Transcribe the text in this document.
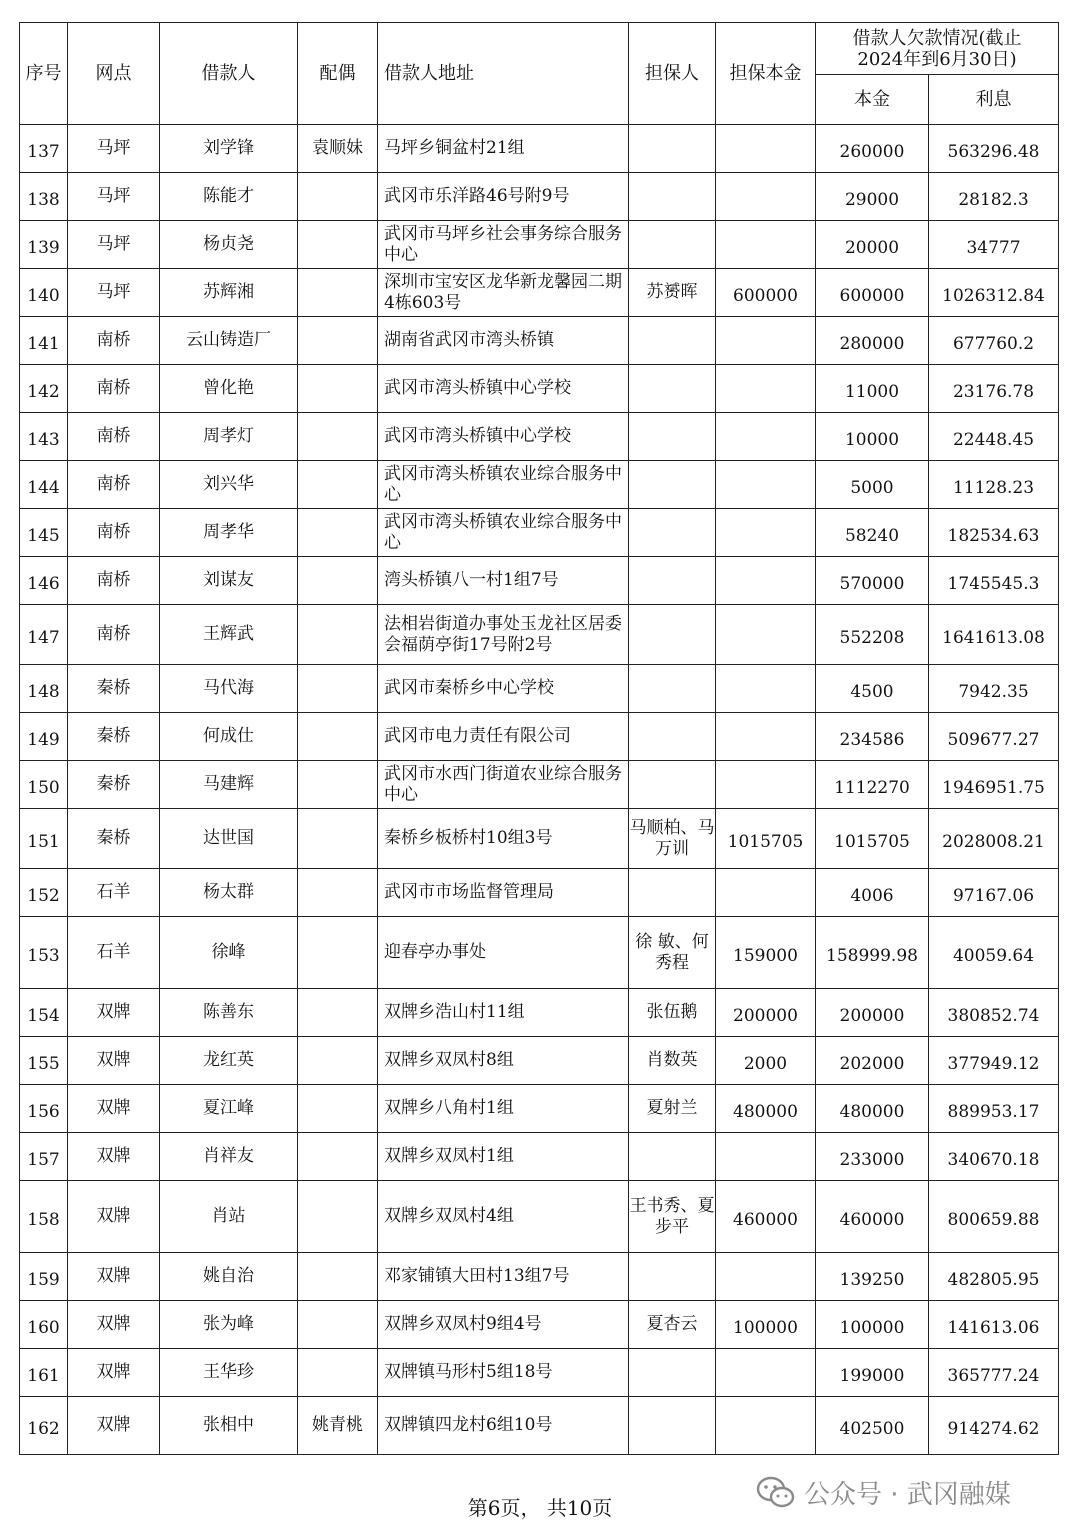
序号	网点	借款人	配偶	借款人地址	担保人	担保本金	借款人欠款情况(截止
2024年到6月30日)	

							本金	利息
137	马坪	刘学锋	袁顺妹	马坪乡铜盆村21组			260000	563296.48
138	马坪	陈能才		武冈市乐洋路46号附9号			29000	28182.3
139	马坪	杨贞尧		武冈市马坪乡社会事务综合服务中心			20000	34777
140	马坪	苏辉湘		深圳市宝安区龙华新龙馨园二期4栋603号	苏赟晖	600000	600000	1026312.84
141	南桥	云山铸造厂		湖南省武冈市湾头桥镇			280000	677760.2
142	南桥	曾化艳		武冈市湾头桥镇中心学校			11000	23176.78
143	南桥	周孝灯		武冈市湾头桥镇中心学校			10000	22448.45
144	南桥	刘兴华		武冈市湾头桥镇农业综合服务中心			5000	11128.23
145	南桥	周孝华		武冈市湾头桥镇农业综合服务中心			58240	182534.63
146	南桥	刘谋友		湾头桥镇八一村1组7号			570000	1745545.3
147	南桥	王辉武		法相岩街道办事处玉龙社区居委会福荫亭街17号附2号			552208	1641613.08
148	秦桥	马代海		武冈市秦桥乡中心学校			4500	7942.35
149	秦桥	何成仕		武冈市电力责任有限公司			234586	509677.27
150	秦桥	马建辉		武冈市水西门街道农业综合服务中心			1112270	1946951.75
151	秦桥	达世国		秦桥乡板桥村10组3号	马顺柏、马万训	1015705	1015705	2028008.21
152	石羊	杨太群		武冈市市场监督管理局			4006	97167.06
153	石羊	徐峰		迎春亭办事处	徐 敏、何秀程	159000	158999.98	40059.64
154	双牌	陈善东		双牌乡浩山村11组	张伍鹅	200000	200000	380852.74
155	双牌	龙红英		双牌乡双凤村8组	肖数英	2000	202000	377949.12
156	双牌	夏江峰		双牌乡八角村1组	夏射兰	480000	480000	889953.17
157	双牌	肖祥友		双牌乡双凤村1组			233000	340670.18
158	双牌	肖站		双牌乡双凤村4组	王书秀、夏步平	460000	460000	800659.88
159	双牌	姚自治		邓家铺镇大田村13组7号			139250	482805.95
160	双牌	张为峰		双牌乡双凤村9组4号	夏杏云	100000	100000	141613.06
161	双牌	王华珍		双牌镇马形村5组18号			199000	365777.24
162	双牌	张相中	姚青桃	双牌镇四龙村6组10号			402500	914274.62
第6页， 共10页	公众号 · 武冈融媒
